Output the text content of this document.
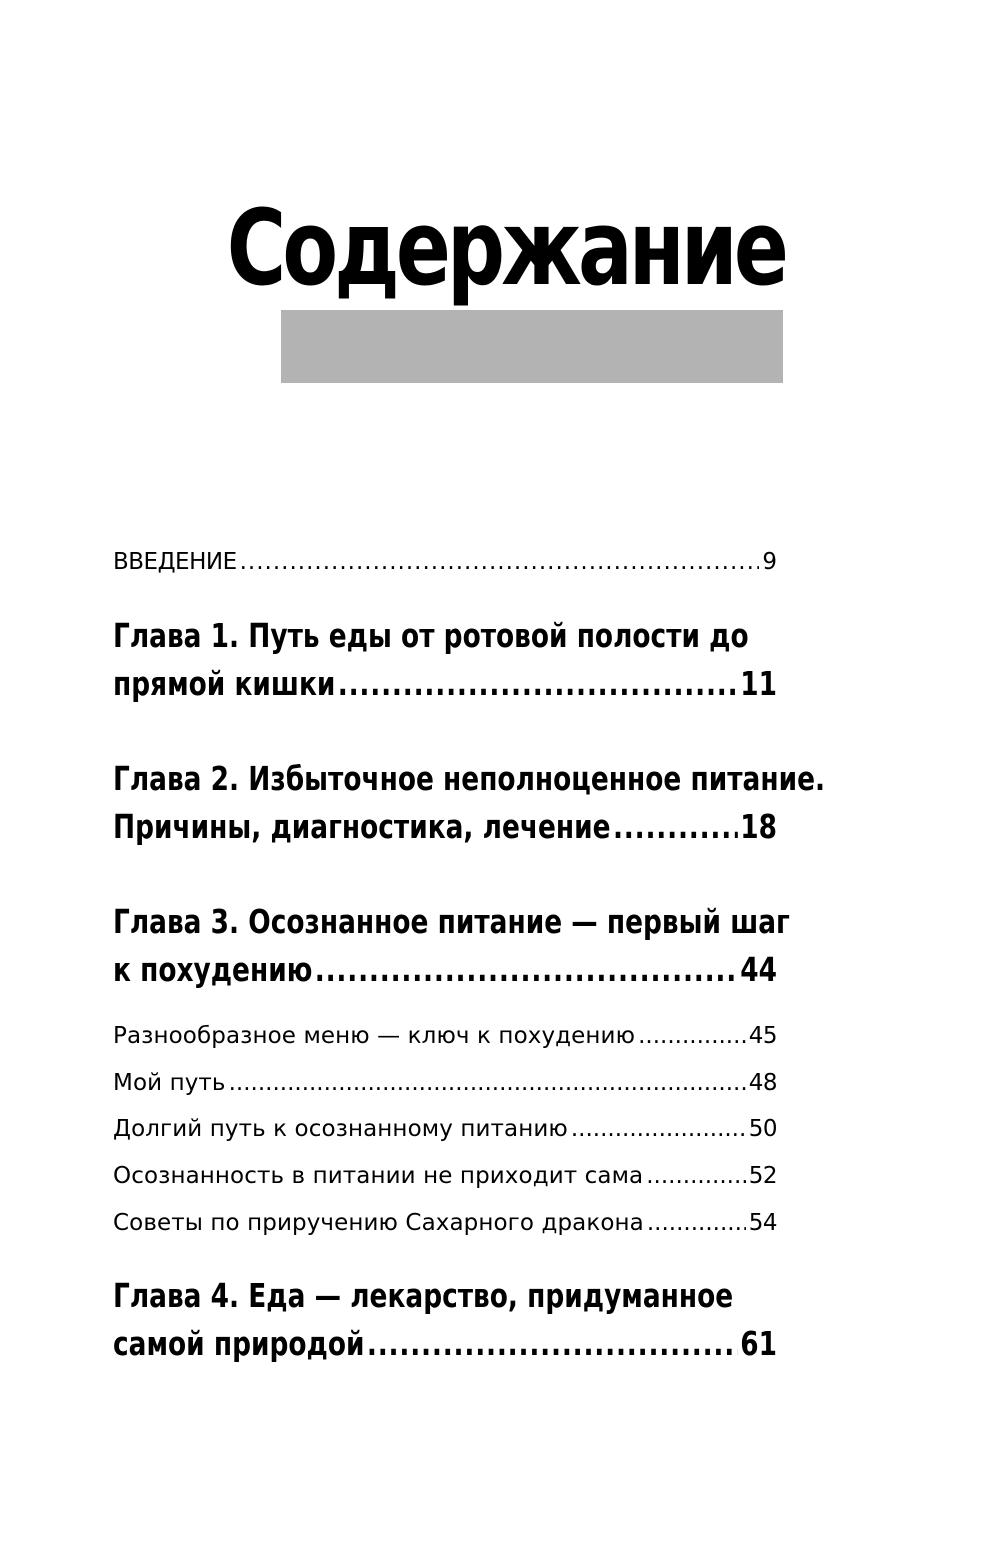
Содержание
ВВЕДЕНИЕ .....	9
Глава 1. Путь еды от ротовой полости до
прямой кишки .....	11
Глава 2. Избыточное неполноценное питание.
Причины, диагностика, лечение .....	18
Глава 3. Осознанное питание — первый шаг
к похудению .....	44
Разнообразное меню — ключ к похудению .....	45
Мой путь .....	48
Долгий путь к осознанному питанию .....	50
Осознанность в питании не приходит сама .....	52
Советы по приручению Сахарного дракона .....	54
Глава 4. Еда — лекарство, придуманное
самой природой .....	61
